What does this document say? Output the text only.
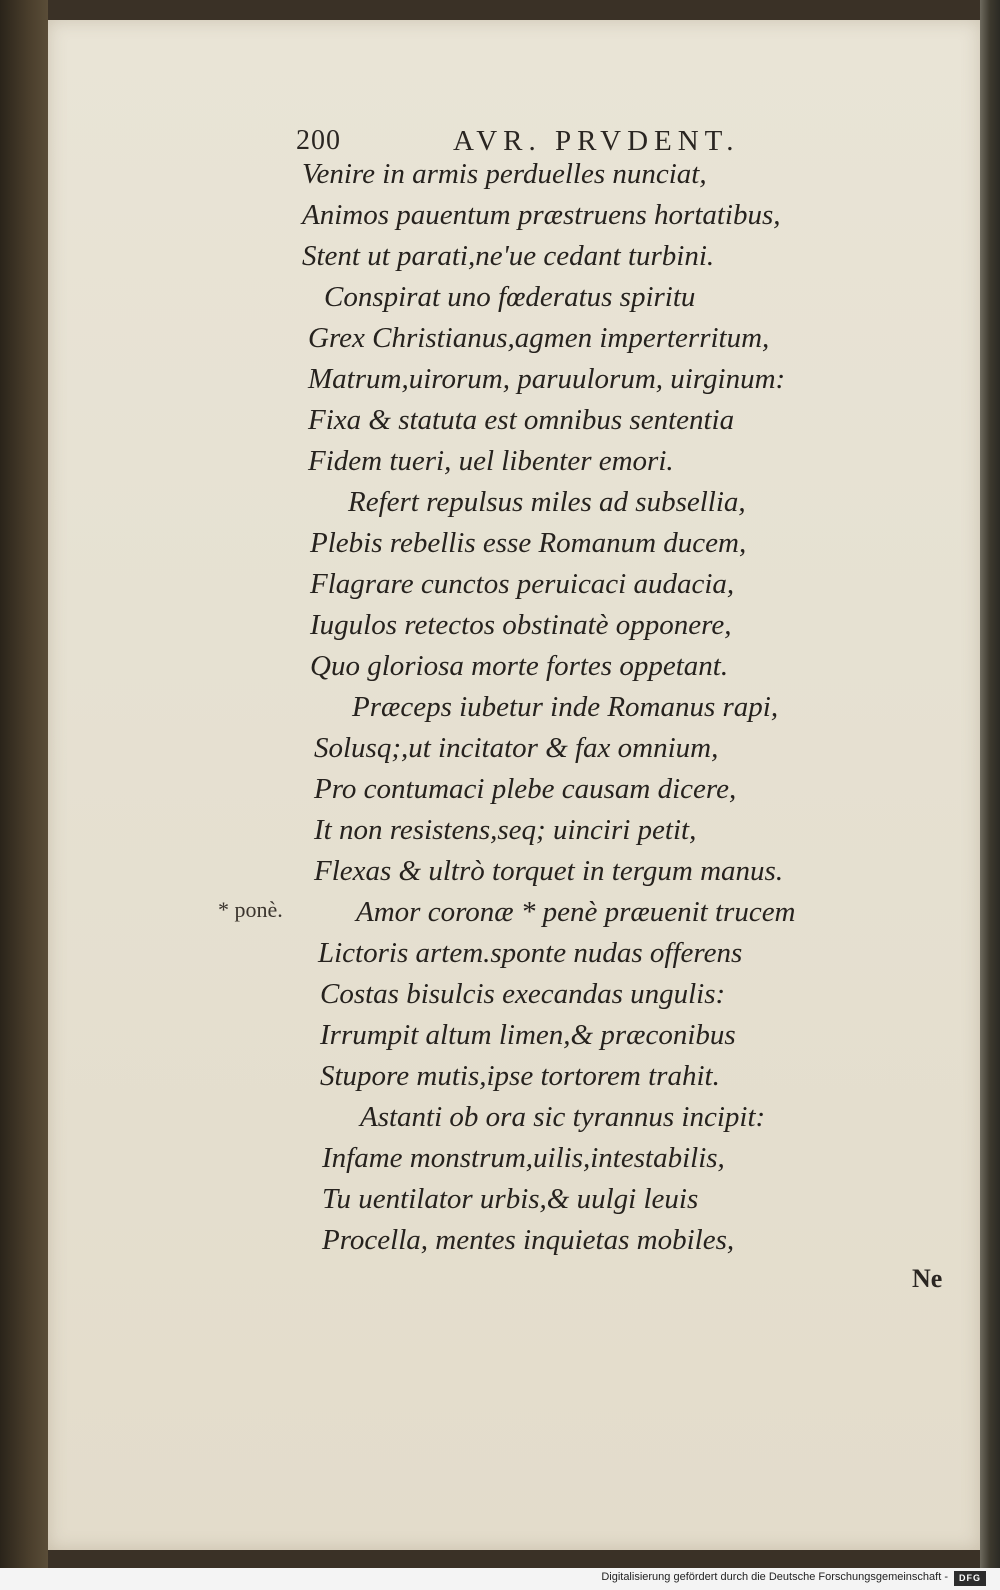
200	AVR. PRVDENT.
Venire in armis perduelles nunciat,
Animos pauentum præstruens hortatibus,
Stent ut parati,ne'ue cedant turbini.
Conspirat uno fœderatus spiritu
Grex Christianus,agmen imperterritum,
Matrum,uirorum, paruulorum, uirginum:
Fixa & statuta est omnibus sententia
Fidem tueri, uel libenter emori.
Refert repulsus miles ad subsellia,
Plebis rebellis esse Romanum ducem,
Flagrare cunctos peruicaci audacia,
Iugulos retectos obstinatè opponere,
Quo gloriosa morte fortes oppetant.
Præceps iubetur inde Romanus rapi,
Solusq;,ut incitator & fax omnium,
Pro contumaci plebe causam dicere,
It non resistens,seq; uinciri petit,
Flexas & ultrò torquet in tergum manus.
Amor coronæ * penè præuenit trucem
Lictoris artem.sponte nudas offerens
Costas bisulcis execandas ungulis:
Irrumpit altum limen,& præconibus
Stupore mutis,ipse tortorem trahit.
Astanti ob ora sic tyrannus incipit:
Infame monstrum,uilis,intestabilis,
Tu uentilator urbis,& uulgi leuis
Procella, mentes inquietas mobiles,
* ponè.
Ne
Digitalisierung gefördert durch die Deutsche Forschungsgemeinschaft -	DFG
